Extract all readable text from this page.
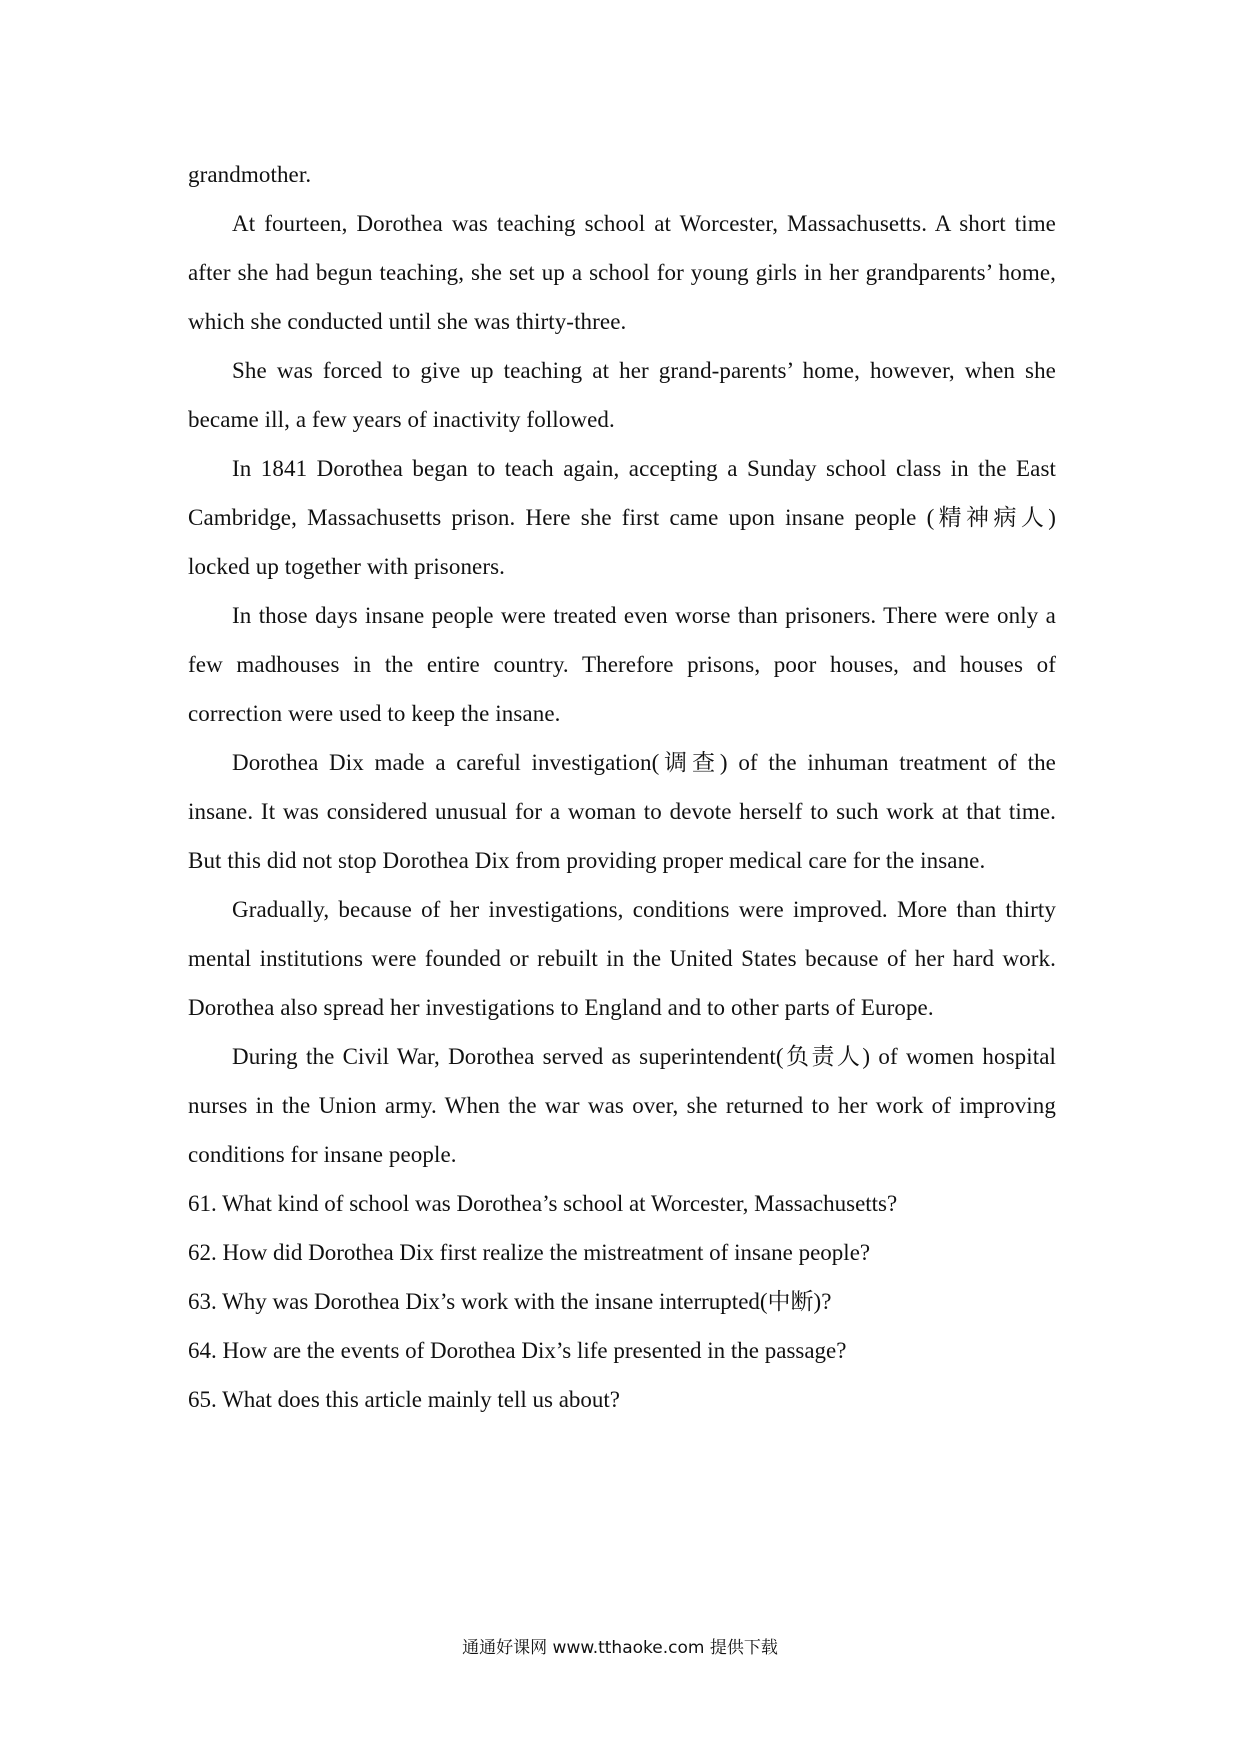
grandmother.

At fourteen, Dorothea was teaching school at Worcester, Massachusetts. A short time after she had begun teaching, she set up a school for young girls in her grandparents’ home, which she conducted until she was thirty-three.

She was forced to give up teaching at her grand-parents’ home, however, when she became ill, a few years of inactivity followed.

In 1841 Dorothea began to teach again, accepting a Sunday school class in the East Cambridge, Massachusetts prison. Here she first came upon insane people (精神病人) locked up together with prisoners.

In those days insane people were treated even worse than prisoners. There were only a few madhouses in the entire country. Therefore prisons, poor houses, and houses of correction were used to keep the insane.

Dorothea Dix made a careful investigation(调查) of the inhuman treatment of the insane. It was considered unusual for a woman to devote herself to such work at that time. But this did not stop Dorothea Dix from providing proper medical care for the insane.

Gradually, because of her investigations, conditions were improved. More than thirty mental institutions were founded or rebuilt in the United States because of her hard work. Dorothea also spread her investigations to England and to other parts of Europe.

During the Civil War, Dorothea served as superintendent(负责人) of women hospital nurses in the Union army. When the war was over, she returned to her work of improving conditions for insane people.

61. What kind of school was Dorothea’s school at Worcester, Massachusetts?

62. How did Dorothea Dix first realize the mistreatment of insane people?

63. Why was Dorothea Dix’s work with the insane interrupted(中断)?

64. How are the events of Dorothea Dix’s life presented in the passage?

65. What does this article mainly tell us about?

通通好课网 www.tthaoke.com 提供下载
